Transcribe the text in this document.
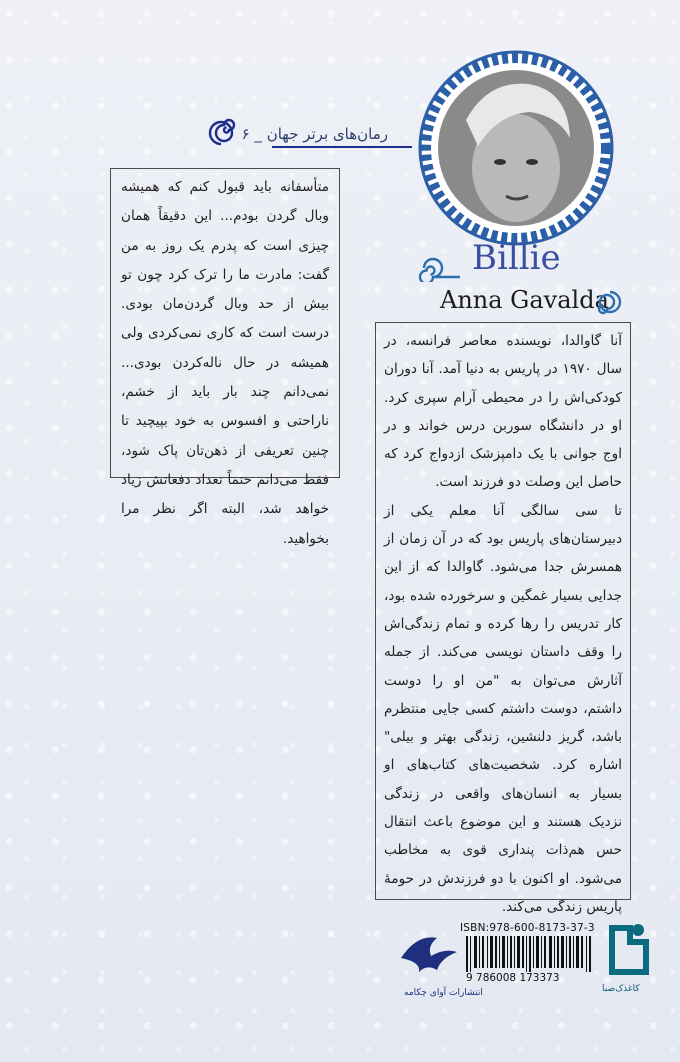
رمان‌های برتر جهان _ ۶
Billie
Anna Gavalda
متأسفانه باید قبول کنم که همیشه وبال گردن بودم... این دقیقاً همان چیزی است که پدرم یک روز به من گفت: مادرت ما را ترک کرد چون تو بیش از حد وبال گردن‌مان بودی. درست است که کاری نمی‌کردی ولی همیشه در حال ناله‌کردن بودی... نمی‌دانم چند بار باید از خشم، ناراحتی و افسوس به خود بپیچید تا چنین تعریفی از ذهن‌تان پاک شود، فقط می‌دانم حتماً تعداد دفعاتش زیاد خواهد شد، البته اگر نظر مرا بخواهید.

آنا گاوالدا، نویسنده معاصر فرانسه، در سال ۱۹۷۰ در پاریس به دنیا آمد. آنا دوران کودکی‌اش را در محیطی آرام سپری کرد. او در دانشگاه سوربن درس خواند و در اوج جوانی با یک دامپزشک ازدواج کرد که حاصل این وصلت دو فرزند است.

تا سی سالگی آنا معلم یکی از دبیرستان‌های پاریس بود که در آن زمان از همسرش جدا می‌شود. گاوالدا که از این جدایی بسیار غمگین و سرخورده شده بود، کار تدریس را رها کرده و تمام زندگی‌اش را وقف داستان نویسی می‌کند. از جمله آثارش می‌توان به "من او را دوست داشتم، دوست داشتم کسی جایی منتظرم باشد، گریز دلنشین، زندگی بهتر و بیلی" اشاره کرد. شخصیت‌های کتاب‌های او بسیار به انسان‌های واقعی در زندگی نزدیک هستند و این موضوع باعث انتقال حس هم‌ذات پنداری قوی به مخاطب می‌شود. او اکنون با دو فرزندش در حومهٔ پاریس زندگی می‌کند.

ISBN:978-600-8173-37-3
9 786008 173373
کاغذ‌ک‌صبا
انتشارات آوای چکامه
